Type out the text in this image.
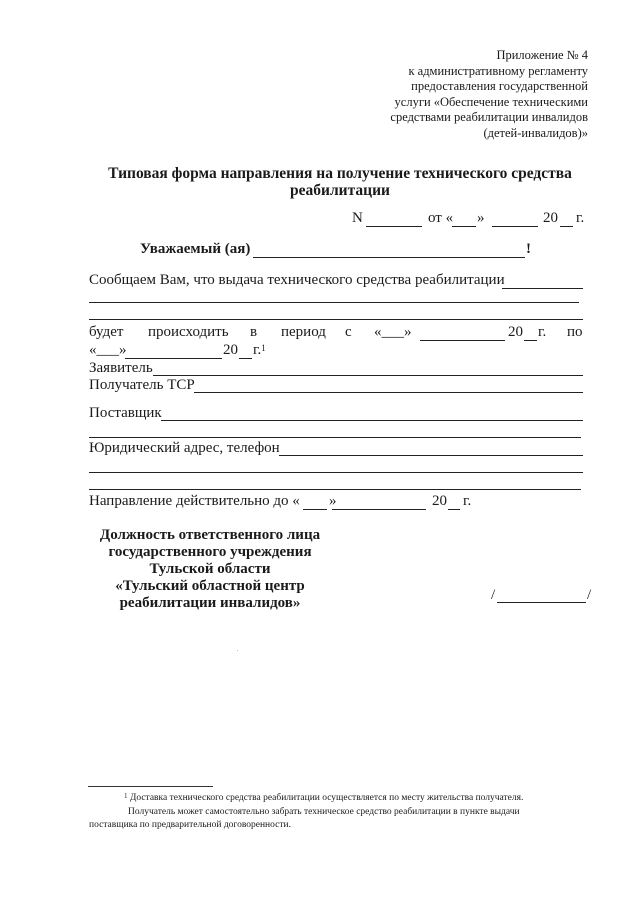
Приложение № 4
к административному регламенту
предоставления государственной
услуги «Обеспечение техническими
средствами реабилитации инвалидов
(детей-инвалидов)»
Типовая форма направления на получение технического средства
реабилитации
N	от « »	20 г.
Уважаемый (ая)	!
Сообщаем Вам, что выдача технического средства реабилитации
будет происходить в период с «___»	20 г. по
«___»	20 г.$^1$
Заявитель
Получатель ТСР
Поставщик
Юридический адрес, телефон
Направление действительно до « »	20 г.
Должность ответственного лица
государственного учреждения
Тульской области
«Тульский областной центр
реабилитации инвалидов»	/	/
$^1$ Доставка технического средства реабилитации осуществляется по месту жительства получателя.
Получатель может самостоятельно забрать техническое средство реабилитации в пункте выдачи
поставщика по предварительной договоренности.
